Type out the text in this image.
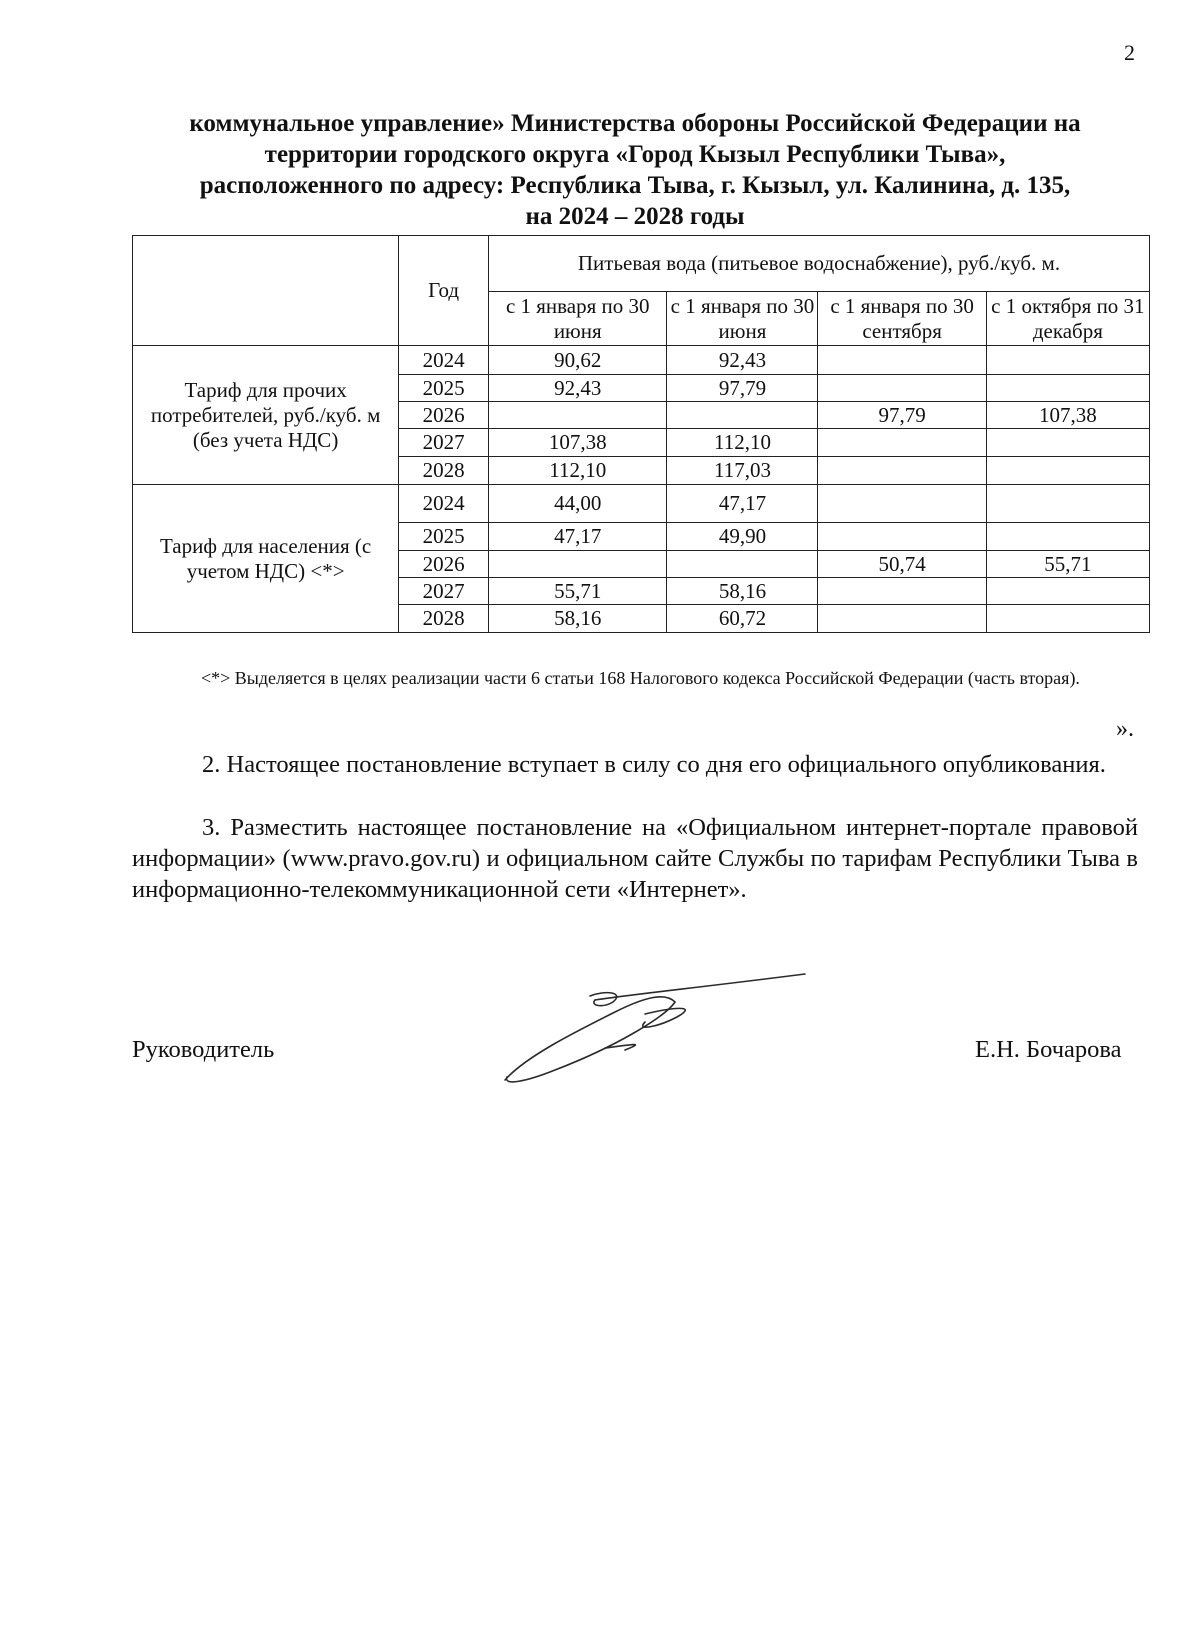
2
коммунальное управление» Министерства обороны Российской Федерации на
территории городского округа «Город Кызыл Республики Тыва»,
расположенного по адресу: Республика Тыва, г. Кызыл, ул. Калинина, д. 135,
на 2024 – 2028 годы
	Год	Питьевая вода (питьевое водоснабжение), руб./куб. м.			
		с 1 января по 30 июня	с 1 января по 30 июня	с 1 января по 30 сентября	с 1 октября по 31 декабря
Тариф для прочих потребителей, руб./куб. м (без учета НДС)	2024	90,62	92,43		
	2025	92,43	97,79		
	2026			97,79	107,38
	2027	107,38	112,10		
	2028	112,10	117,03		
Тариф для населения (с учетом НДС) <*>	2024	44,00	47,17		
	2025	47,17	49,90		
	2026			50,74	55,71
	2027	55,71	58,16		
	2028	58,16	60,72		
<*> Выделяется в целях реализации части 6 статьи 168 Налогового кодекса Российской Федерации (часть вторая).
».
2. Настоящее постановление вступает в силу со дня его официального опубликования.
3. Разместить настоящее постановление на «Официальном интернет-портале правовой информации» (www.pravo.gov.ru) и официальном сайте Службы по тарифам Республики Тыва в информационно-телекоммуникационной сети «Интернет».
Руководитель	Е.Н. Бочарова
